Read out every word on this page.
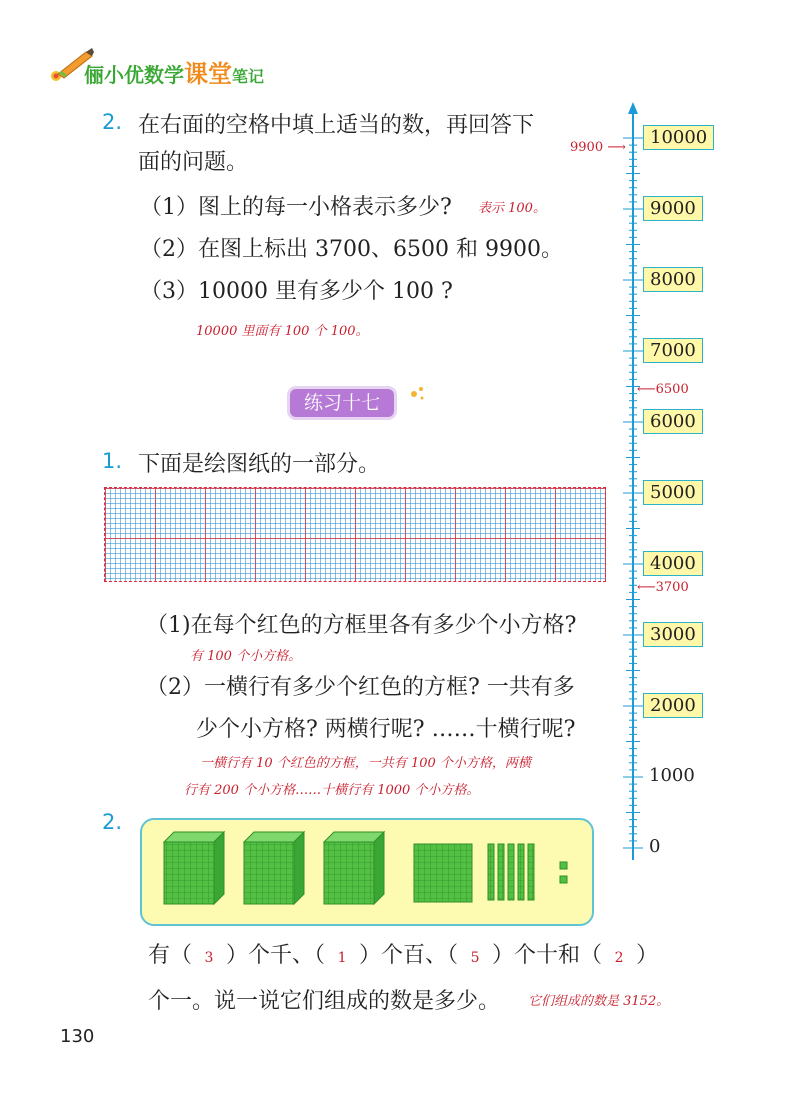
俪小优数学课堂笔记
2. 在右面的空格中填上适当的数，再回答下
面的问题。
（1）图上的每一小格表示多少? 表示 100。
（2）在图上标出 3700、6500 和 9900。
（3）10000 里有多少个 100 ?
10000 里面有 100 个 100。
练习十七
1. 下面是绘图纸的一部分。
（1)在每个红色的方框里各有多少个小方格?
有 100 个小方格。
（2）一横行有多少个红色的方框? 一共有多
少个小方格? 两横行呢? ……十横行呢?
一横行有 10 个红色的方框，一共有 100 个小方格，两横
行有 200 个小方格……十横行有 1000 个小方格。
2.
有（ 3 ）个千、（ 1 ）个百、（ 5 ）个十和（ 2 ）
个一。说一说它们组成的数是多少。 它们组成的数是 3152。
10000
9000
8000
7000
6000
5000
4000
3000
2000
1000
0
9900 ⟶
⟵6500
⟵3700
130
